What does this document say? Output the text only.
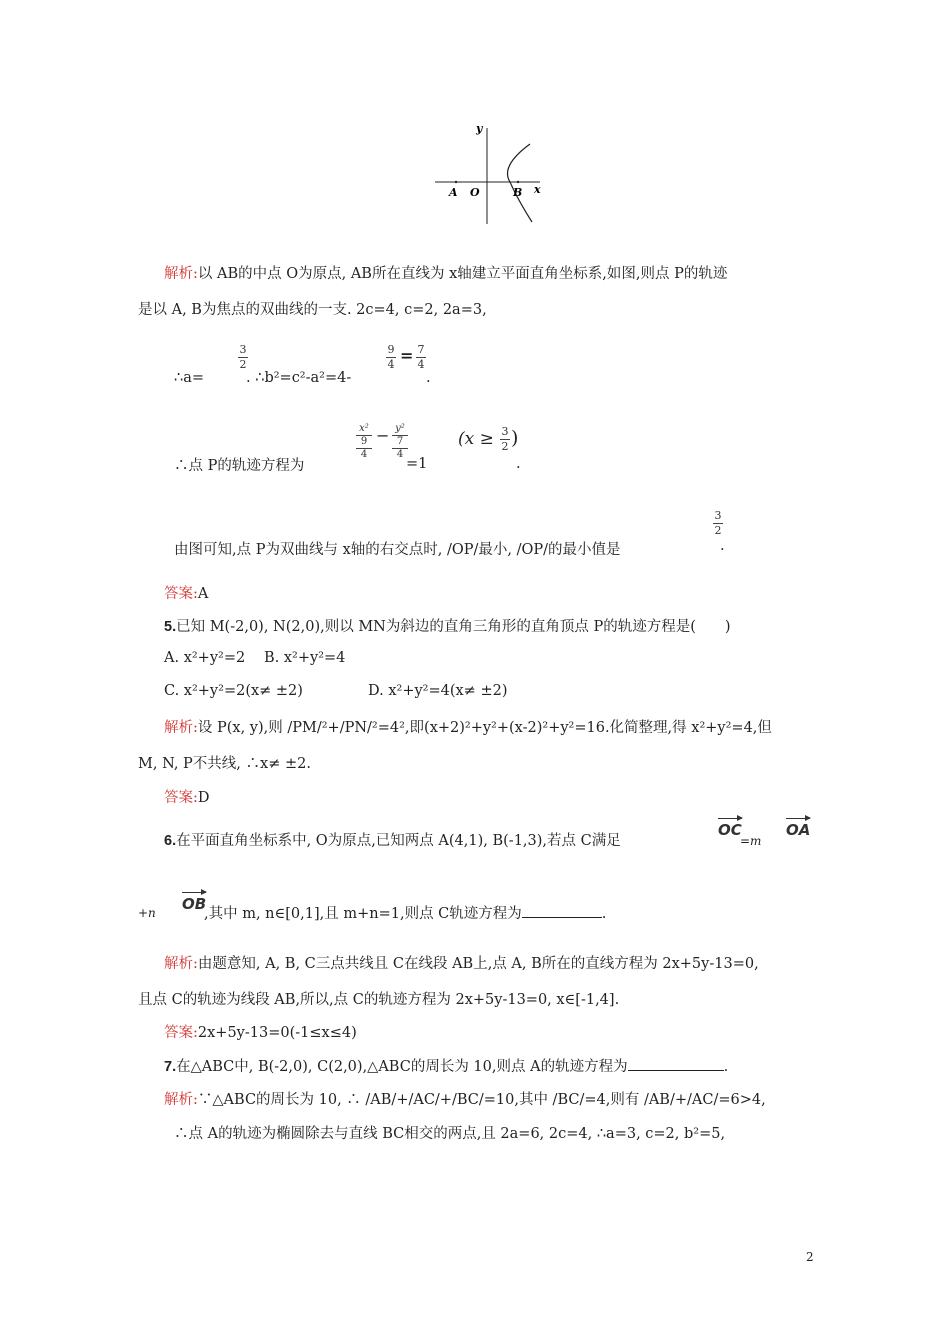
y
A O	B x
解析:以 AB的中点 O为原点, AB所在直线为 x轴建立平面直角坐标系,如图,则点 P的轨迹
是以 A, B为焦点的双曲线的一支. 2c=4, c=2, 2a=3,
∴a=
3
2
. ∴b²=c²-a²=4-
9
4 = 7
4
.
∴点 P的轨迹方程为
x²
9
4
− y²
7
4
=1
(x ≥ 3
2 )
.
由图可知,点 P为双曲线与 x轴的右交点时, /OP/最小, /OP/的最小值是
3
2
.
答案:A
5.已知 M(-2,0), N(2,0),则以 MN为斜边的直角三角形的直角顶点 P的轨迹方程是(　　)
A. x²+y²=2 B. x²+y²=4
C. x²+y²=2(x≠ ±2)	D. x²+y²=4(x≠ ±2)
解析:设 P(x, y),则 /PM/²+/PN/²=4²,即(x+2)²+y²+(x-2)²+y²=16.化简整理,得 x²+y²=4,但
M, N, P不共线, ∴x≠ ±2.
答案:D
6.在平面直角坐标系中, O为原点,已知两点 A(4,1), B(-1,3),若点 C满足
OC
=m
OA
+n OB
,其中 m, n∈[0,1],且 m+n=1,则点 C轨迹方程为	.
解析:由题意知, A, B, C三点共线且 C在线段 AB上,点 A, B所在的直线方程为 2x+5y-13=0,
且点 C的轨迹为线段 AB,所以,点 C的轨迹方程为 2x+5y-13=0, x∈[-1,4].
答案:2x+5y-13=0(-1≤x≤4)
7.在△ABC中, B(-2,0), C(2,0),△ABC的周长为 10,则点 A的轨迹方程为	.
解析:∵△ABC的周长为 10, ∴ /AB/+/AC/+/BC/=10,其中 /BC/=4,则有 /AB/+/AC/=6>4,
∴点 A的轨迹为椭圆除去与直线 BC相交的两点,且 2a=6, 2c=4, ∴a=3, c=2, b²=5,
2
